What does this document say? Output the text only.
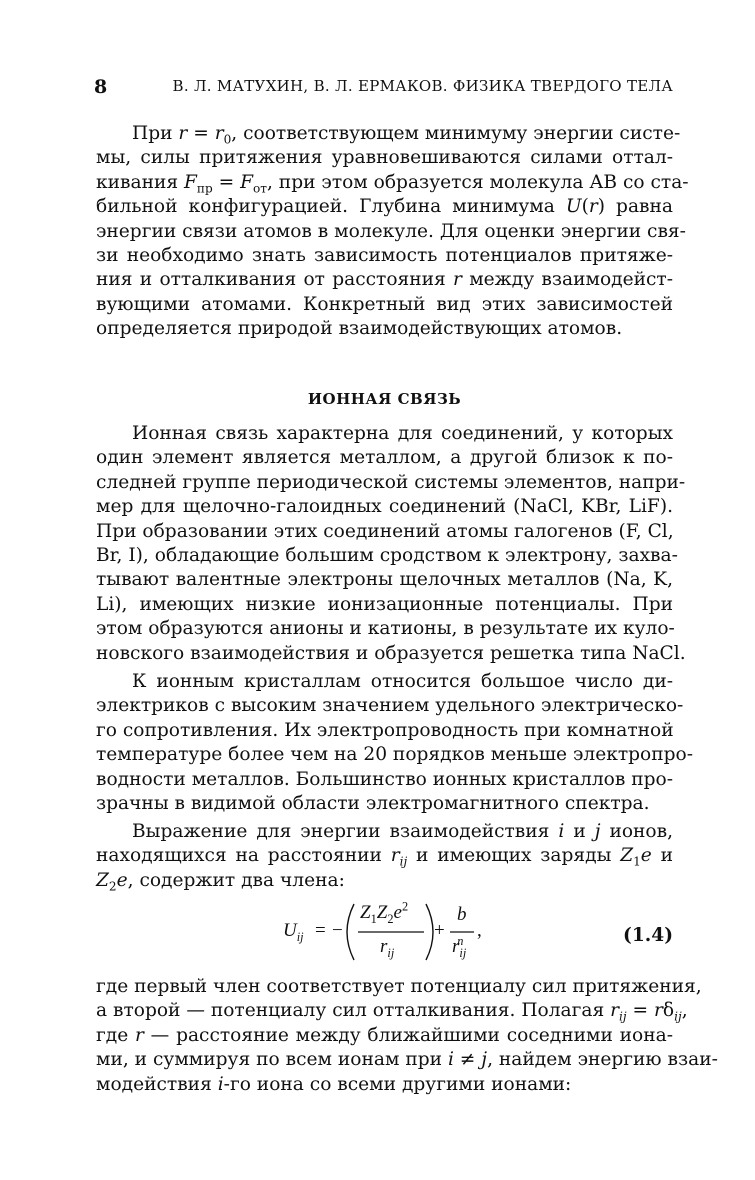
8	В. Л. МАТУХИН, В. Л. ЕРМАКОВ. ФИЗИКА ТВЕРДОГО ТЕЛА
При $r = r_0$, соответствующем минимуму энергии систе-
мы, силы притяжения уравновешиваются силами оттал-
кивания $F_{пр} = F_{от}$, при этом образуется молекула АВ со ста-
бильной конфигурацией. Глубина минимума U(r) равна
энергии связи атомов в молекуле. Для оценки энергии свя-
зи необходимо знать зависимость потенциалов притяже-
ния и отталкивания от расстояния r между взаимодейст-
вующими атомами. Конкретный вид этих зависимостей
определяется природой взаимодействующих атомов.
ИОННАЯ СВЯЗЬ
Ионная связь характерна для соединений, у которых
один элемент является металлом, а другой близок к по-
следней группе периодической системы элементов, напри-
мер для щелочно-галоидных соединений (NaCl, KBr, LiF).
При образовании этих соединений атомы галогенов (F, Cl,
Br, I), обладающие большим сродством к электрону, захва-
тывают валентные электроны щелочных металлов (Na, K,
Li), имеющих низкие ионизационные потенциалы. При
этом образуются анионы и катионы, в результате их куло-
новского взаимодействия и образуется решетка типа NaCl.
К ионным кристаллам относится большое число ди-
электриков с высоким значением удельного электрическо-
го сопротивления. Их электропроводность при комнатной
температуре более чем на 20 порядков меньше электропро-
водности металлов. Большинство ионных кристаллов про-
зрачны в видимой области электромагнитного спектра.
Выражение для энергии взаимодействия i и j ионов,
находящихся на расстоянии $r_{ij}$ и имеющих заряды $Z_1e$ и
$Z_2e$, содержит два члена:
$U_{ij}$ = −
$Z_1Z_2e^2$
$r_{ij}$
+
b
$r_{ij}^n$ ,	(1.4)
где первый член соответствует потенциалу сил притяжения,
а второй — потенциалу сил отталкивания. Полагая $r_{ij} = r\delta_{ij}$,
где r — расстояние между ближайшими соседними иона-
ми, и суммируя по всем ионам при i ≠ j, найдем энергию взаи-
модействия i-го иона со всеми другими ионами:
